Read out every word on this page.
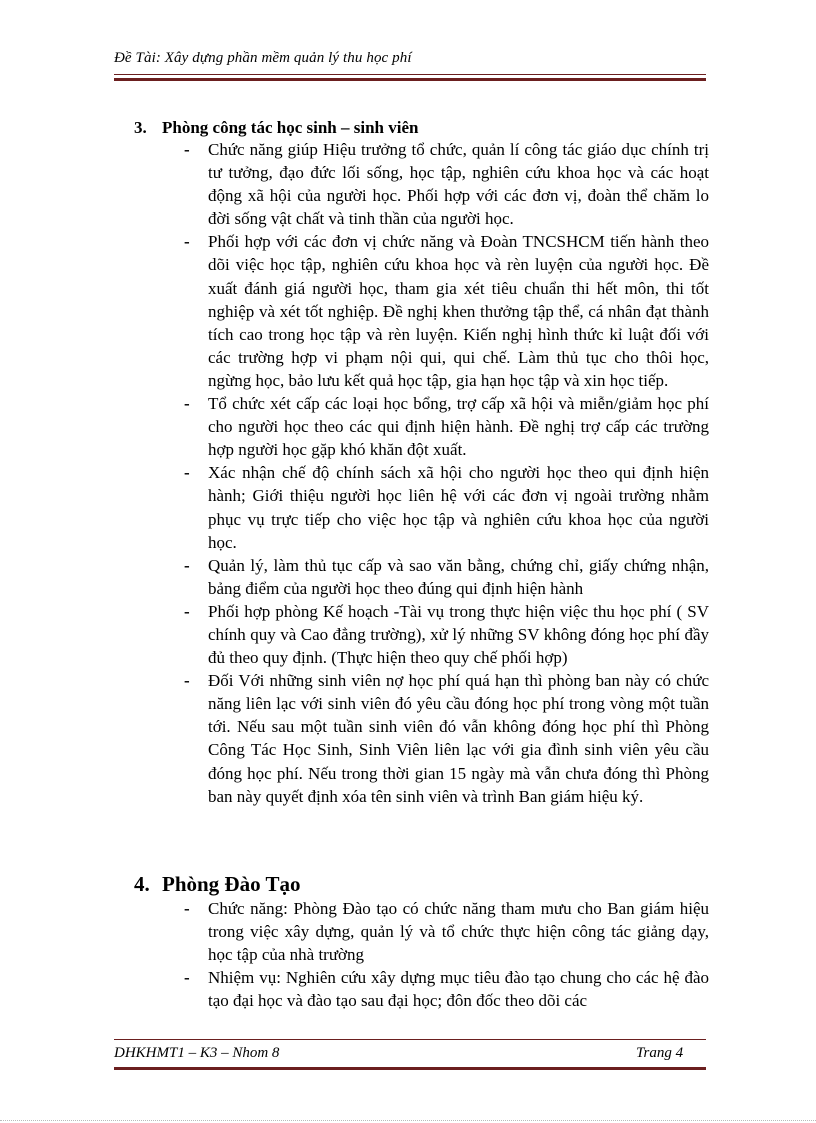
Đề Tài: Xây dựng phần mềm quản lý thu học phí
3. Phòng công tác học sinh – sinh viên
- Chức năng giúp Hiệu trưởng tổ chức, quản lí công tác giáo dục chính trị tư tưởng, đạo đức lối sống, học tập, nghiên cứu khoa học và các hoạt động xã hội của người học. Phối hợp với các đơn vị, đoàn thể chăm lo đời sống vật chất và tinh thần của người học.
- Phối hợp với các đơn vị chức năng và Đoàn TNCSHCM tiến hành theo dõi việc học tập, nghiên cứu khoa học và rèn luyện của người học. Đề xuất đánh giá người học, tham gia xét tiêu chuẩn thi hết môn, thi tốt nghiệp và xét tốt nghiệp. Đề nghị khen thưởng tập thể, cá nhân đạt thành tích cao trong học tập và rèn luyện. Kiến nghị hình thức kỉ luật đối với các trường hợp vi phạm nội qui, qui chế. Làm thủ tục cho thôi học, ngừng học, bảo lưu kết quả học tập, gia hạn học tập và xin học tiếp.
- Tổ chức xét cấp các loại học bổng, trợ cấp xã hội và miễn/giảm học phí cho người học theo các qui định hiện hành. Đề nghị trợ cấp các trường hợp người học gặp khó khăn đột xuất.
- Xác nhận chế độ chính sách xã hội cho người học theo qui định hiện hành; Giới thiệu người học liên hệ với các đơn vị ngoài trường nhằm phục vụ trực tiếp cho việc học tập và nghiên cứu khoa học của người học.
- Quản lý, làm thủ tục cấp và sao văn bằng, chứng chỉ, giấy chứng nhận, bảng điểm của người học theo đúng qui định hiện hành
- Phối hợp phòng Kế hoạch -Tài vụ trong thực hiện việc thu học phí ( SV chính quy và Cao đẳng trường), xử lý những SV không đóng học phí đầy đủ theo quy định. (Thực hiện theo quy chế phối hợp)
- Đối Với những sinh viên nợ học phí quá hạn thì phòng ban này có chức năng liên lạc với sinh viên đó yêu cầu đóng học phí trong vòng một tuần tới. Nếu sau một tuần sinh viên đó vẫn không đóng học phí thì Phòng Công Tác Học Sinh, Sinh Viên liên lạc với gia đình sinh viên yêu cầu đóng học phí. Nếu trong thời gian 15 ngày mà vẫn chưa đóng thì Phòng ban này quyết định xóa tên sinh viên và trình Ban giám hiệu ký.
4. Phòng Đào Tạo
- Chức năng: Phòng Đào tạo có chức năng tham mưu cho Ban giám hiệu trong việc xây dựng, quản lý và tổ chức thực hiện công tác giảng dạy, học tập của nhà trường
- Nhiệm vụ: Nghiên cứu xây dựng mục tiêu đào tạo chung cho các hệ đào tạo đại học và đào tạo sau đại học; đôn đốc theo dõi các
DHKHMT1 – K3 – Nhom 8	Trang 4
